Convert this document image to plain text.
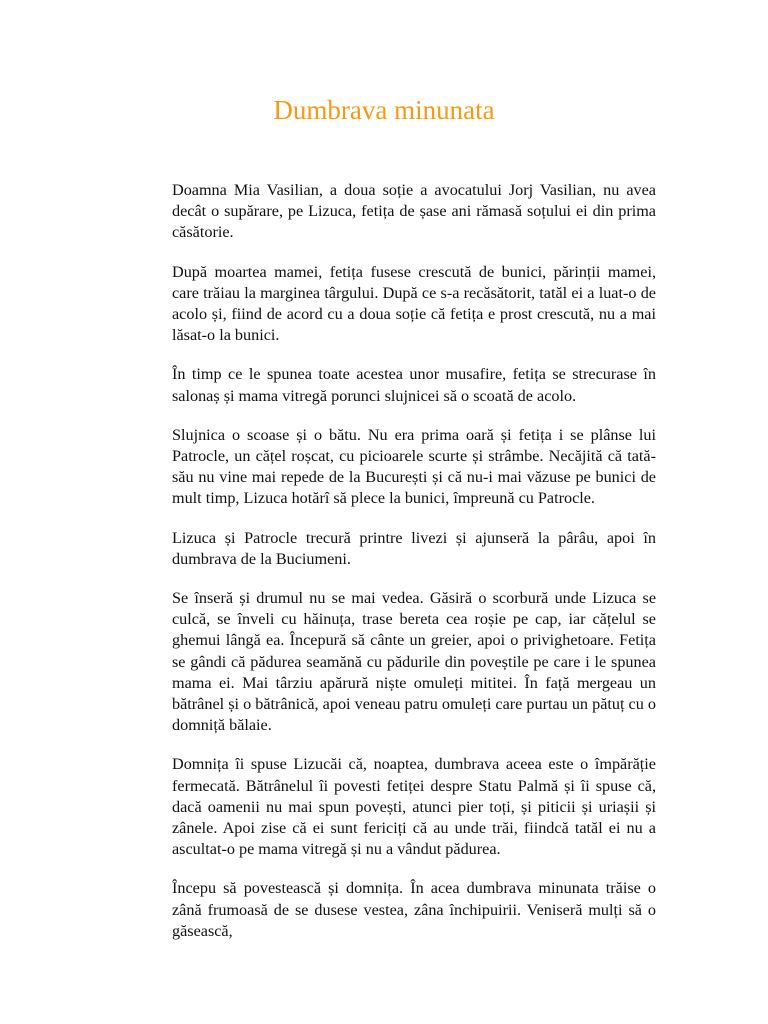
Dumbrava minunata

Doamna Mia Vasilian, a doua soție a avocatului Jorj Vasilian, nu avea decât o supărare, pe Lizuca, fetița de șase ani rămasă soțului ei din prima căsătorie.

După moartea mamei, fetița fusese crescută de bunici, părinții mamei, care trăiau la marginea târgului. După ce s-a recăsătorit, tatăl ei a luat-o de acolo și, fiind de acord cu a doua soție că fetița e prost crescută, nu a mai lăsat-o la bunici.

În timp ce le spunea toate acestea unor musafire, fetița se strecurase în salonaș și mama vitregă porunci slujnicei să o scoată de acolo.

Slujnica o scoase și o bătu. Nu era prima oară și fetița i se plânse lui Patrocle, un cățel roșcat, cu picioarele scurte și strâmbe. Necăjită că tată-său nu vine mai repede de la București și că nu-i mai văzuse pe bunici de mult timp, Lizuca hotărî să plece la bunici, împreună cu Patrocle.

Lizuca și Patrocle trecură printre livezi și ajunseră la pârâu, apoi în dumbrava de la Buciumeni.

Se înseră și drumul nu se mai vedea. Găsiră o scorbură unde Lizuca se culcă, se înveli cu hăinuța, trase bereta cea roșie pe cap, iar cățelul se ghemui lângă ea. Începură să cânte un greier, apoi o privighetoare. Fetița se gândi că pădurea seamănă cu pădurile din poveștile pe care i le spunea mama ei. Mai târziu apărură niște omuleți mititei. În față mergeau un bătrânel și o bătrânică, apoi veneau patru omuleți care purtau un pătuț cu o domniță bălaie.

Domnița îi spuse Lizucăi că, noaptea, dumbrava aceea este o împărăție fermecată. Bătrânelul îi povesti fetiței despre Statu Palmă și îi spuse că, dacă oamenii nu mai spun povești, atunci pier toți, și piticii și uriașii și zânele. Apoi zise că ei sunt fericiți că au unde trăi, fiindcă tatăl ei nu a ascultat-o pe mama vitregă și nu a vândut pădurea.

Începu să povestească și domnița. În acea dumbrava minunata trăise o zână frumoasă de se dusese vestea, zâna închipuirii. Veniseră mulți să o găsească,
